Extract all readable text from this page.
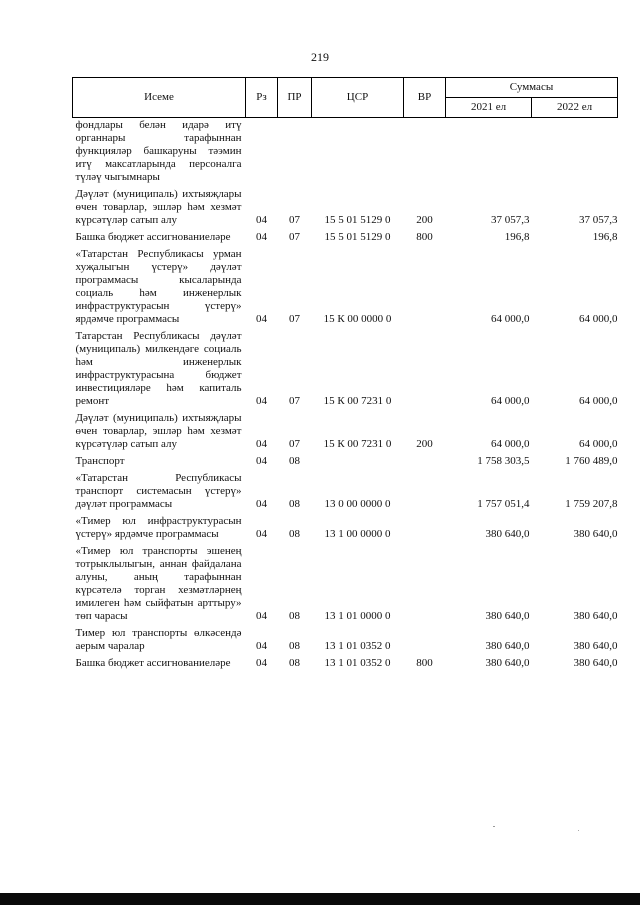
219
Исеме	Рз	ПР	ЦСР	ВР	Суммасы	
					2021 ел	2022 ел
фондлары белән идарә итү органнары тарафыннан функцияләр башкаруны тәэмин итү максатларында персоналга түләү чыгымнары						
Дәүләт (муниципаль) ихтыяҗлары өчен товарлар, эшләр һәм хезмәт күрсәтүләр сатып алу	04	07	15 5 01 5129 0	200	37 057,3	37 057,3
Башка бюджет ассигнованиеләре	04	07	15 5 01 5129 0	800	196,8	196,8
«Татарстан Республикасы урман хуҗалыгын үстерү» дәүләт программасы кысаларында социаль һәм инженерлык инфраструктурасын үстерү» ярдәмче программасы	04	07	15 К 00 0000 0		64 000,0	64 000,0
Татарстан Республикасы дәүләт (муниципаль) милкендәге социаль һәм инженерлык инфраструктурасына бюджет инвестицияләре һәм капиталь ремонт	04	07	15 К 00 7231 0		64 000,0	64 000,0
Дәүләт (муниципаль) ихтыяҗлары өчен товарлар, эшләр һәм хезмәт күрсәтүләр сатып алу	04	07	15 К 00 7231 0	200	64 000,0	64 000,0
Транспорт	04	08			1 758 303,5	1 760 489,0
«Татарстан Республикасы транспорт системасын үстерү» дәүләт программасы	04	08	13 0 00 0000 0		1 757 051,4	1 759 207,8
«Тимер юл инфраструктурасын үстерү» ярдәмче программасы	04	08	13 1 00 0000 0		380 640,0	380 640,0
«Тимер юл транспорты эшенең тотрыклылыгын, аннан файдалана алуны, аның тарафыннан күрсәтелә торган хезмәтләрнең имилеген һәм сыйфатын арттыру» төп чарасы	04	08	13 1 01 0000 0		380 640,0	380 640,0
Тимер юл транспорты өлкәсендә аерым чаралар	04	08	13 1 01 0352 0		380 640,0	380 640,0
Башка бюджет ассигнованиеләре	04	08	13 1 01 0352 0	800	380 640,0	380 640,0
